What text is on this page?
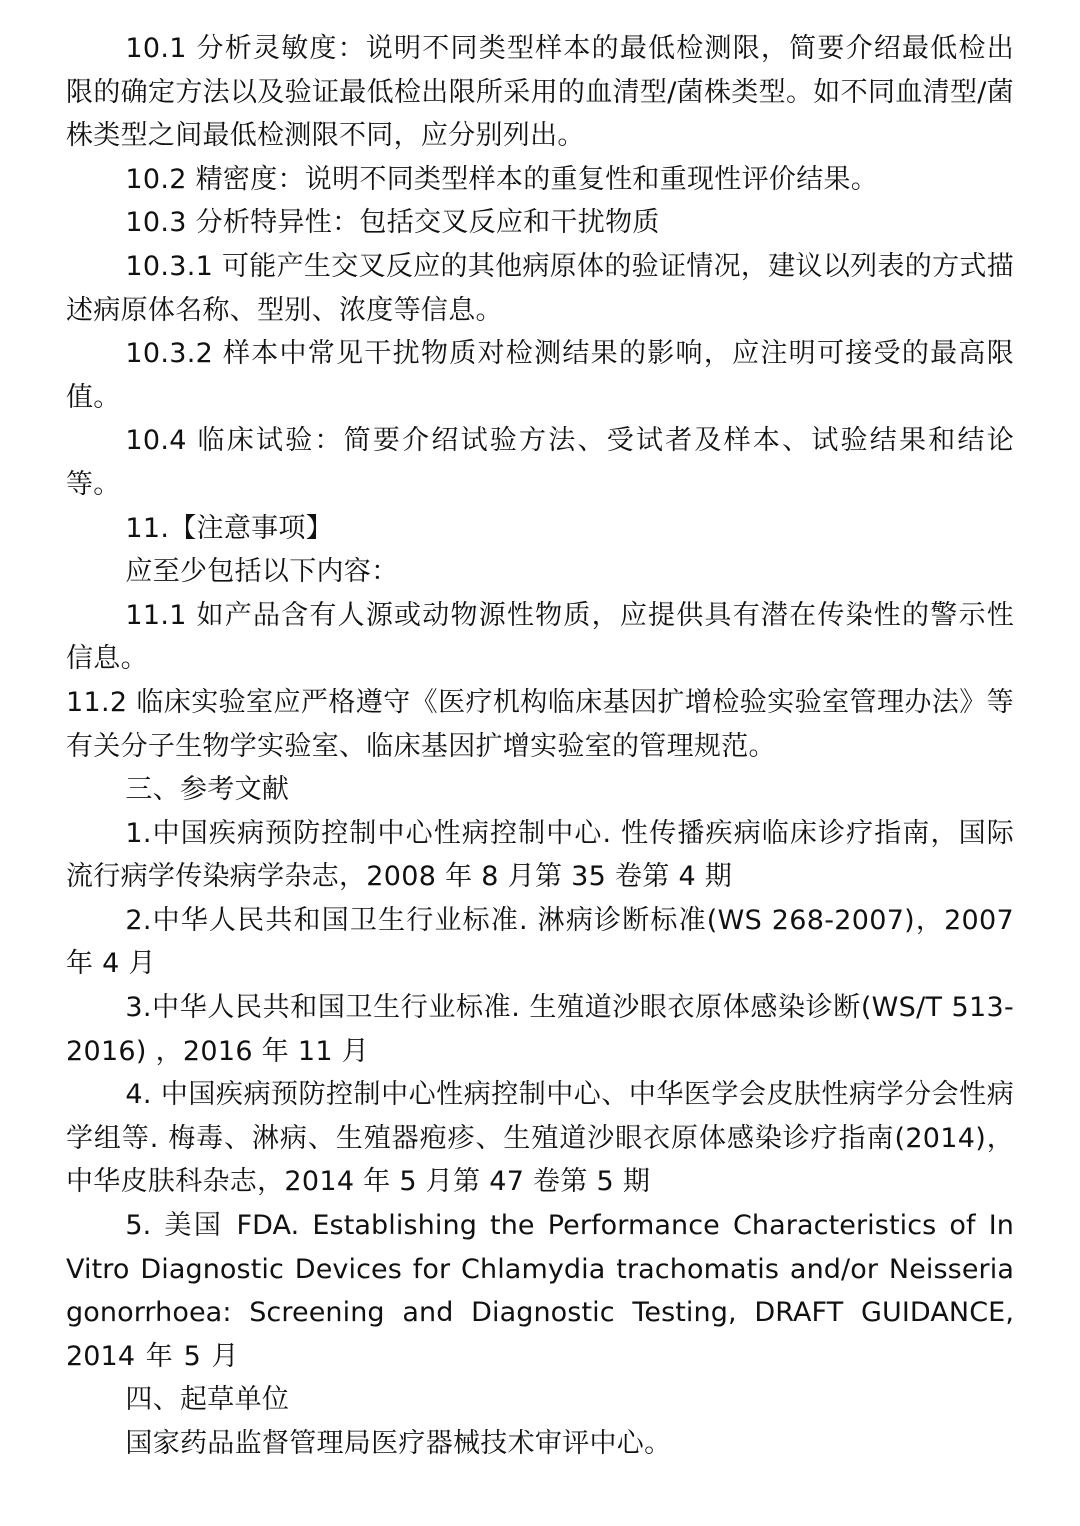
10.1 分析灵敏度：说明不同类型样本的最低检测限，简要介绍最低检出限的确定方法以及验证最低检出限所采用的血清型/菌株类型。如不同血清型/菌株类型之间最低检测限不同，应分别列出。

10.2 精密度：说明不同类型样本的重复性和重现性评价结果。

10.3 分析特异性：包括交叉反应和干扰物质

10.3.1 可能产生交叉反应的其他病原体的验证情况，建议以列表的方式描述病原体名称、型别、浓度等信息。

10.3.2 样本中常见干扰物质对检测结果的影响，应注明可接受的最高限值。

10.4 临床试验：简要介绍试验方法、受试者及样本、试验结果和结论等。

11.【注意事项】

应至少包括以下内容：

11.1 如产品含有人源或动物源性物质，应提供具有潜在传染性的警示性信息。

11.2 临床实验室应严格遵守《医疗机构临床基因扩增检验实验室管理办法》等有关分子生物学实验室、临床基因扩增实验室的管理规范。

三、参考文献

1.中国疾病预防控制中心性病控制中心. 性传播疾病临床诊疗指南，国际流行病学传染病学杂志，2008 年 8 月第 35 卷第 4 期

2.中华人民共和国卫生行业标准. 淋病诊断标准(WS 268-2007)，2007 年 4 月

3.中华人民共和国卫生行业标准. 生殖道沙眼衣原体感染诊断(WS/T 513-2016) ，2016 年 11 月

4. 中国疾病预防控制中心性病控制中心、中华医学会皮肤性病学分会性病学组等. 梅毒、淋病、生殖器疱疹、生殖道沙眼衣原体感染诊疗指南(2014)，中华皮肤科杂志，2014 年 5 月第 47 卷第 5 期

5. 美国 FDA. Establishing the Performance Characteristics of In Vitro Diagnostic Devices for Chlamydia trachomatis and/or Neisseria gonorrhoea: Screening and Diagnostic Testing, DRAFT GUIDANCE, 2014 年 5 月

四、起草单位

国家药品监督管理局医疗器械技术审评中心。
